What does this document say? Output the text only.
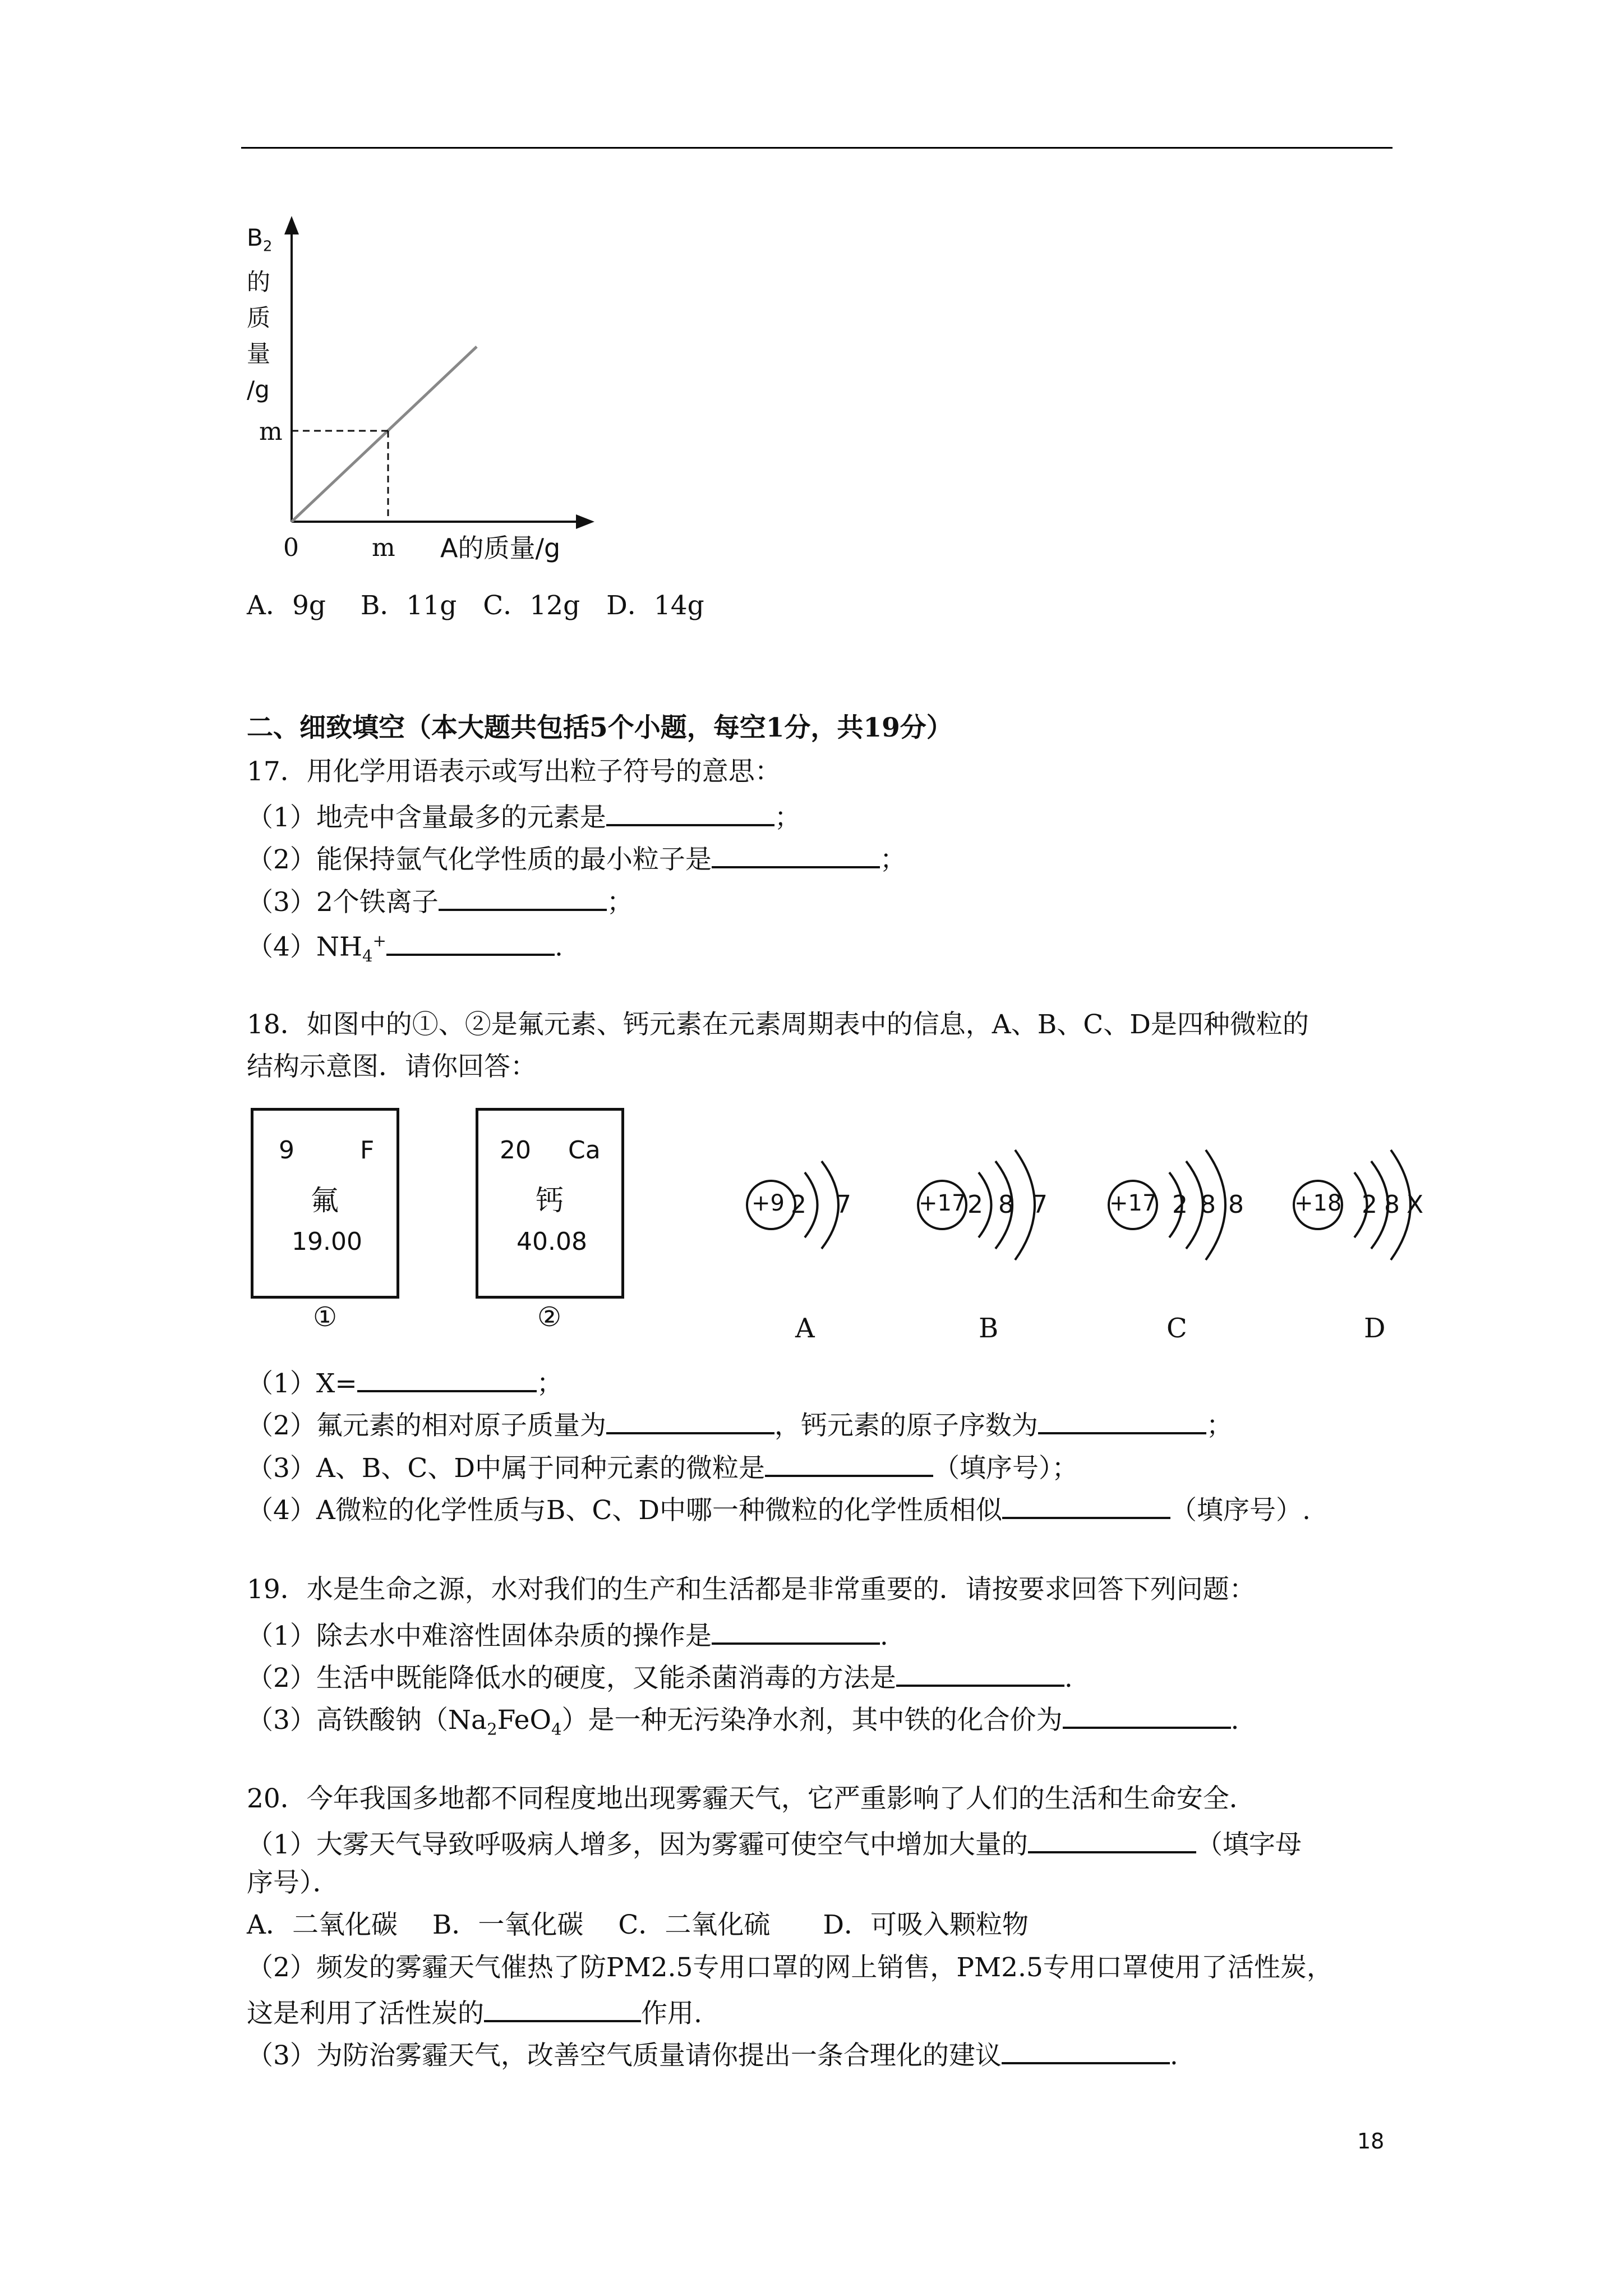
$B_2$
的
质
量
/g
m
0	m A的质量/g
A．9g　 B．11g　C．12g　D．14g
二、细致填空（本大题共包括5个小题，每空1分，共19分）
17．用化学用语表示或写出粒子符号的意思：
（1）地壳中含量最多的元素是	；
（2）能保持氩气化学性质的最小粒子是	；
（3）2个铁离子	；
$(4)NH_4^+$	.
18．如图中的①、②是氟元素、钙元素在元素周期表中的信息，A、B、C、D是四种微粒的
结构示意图．请你回答：
9	F
氟
19.00
①
20 Ca
钙
40.08
②
+9 2 7
A
+17 2 8 7
B
+17 2 8 8
C
+18 2 8 X
D
（1）X=	；
（2）氟元素的相对原子质量为	，钙元素的原子序数为	；
（3）A、B、C、D中属于同种元素的微粒是	（填序号）；
（4）A微粒的化学性质与B、C、D中哪一种微粒的化学性质相似	（填序号）.
19．水是生命之源，水对我们的生产和生活都是非常重要的．请按要求回答下列问题：
（1）除去水中难溶性固体杂质的操作是	.
（2）生活中既能降低水的硬度，又能杀菌消毒的方法是	.
（3）高铁酸钠$(Na_2FeO_4)$是一种无污染净水剂，其中铁的化合价为	.
20．今年我国多地都不同程度地出现雾霾天气，它严重影响了人们的生活和生命安全．
（1）大雾天气导致呼吸病人增多，因为雾霾可使空气中增加大量的	（填字母
序号）．
A．二氧化碳　 B．一氧化碳　 C．二氧化硫　　D．可吸入颗粒物
（2）频发的雾霾天气催热了防PM2.5专用口罩的网上销售，PM2.5专用口罩使用了活性炭，
这是利用了活性炭的	作用.
（3）为防治雾霾天气，改善空气质量请你提出一条合理化的建议	.
18
